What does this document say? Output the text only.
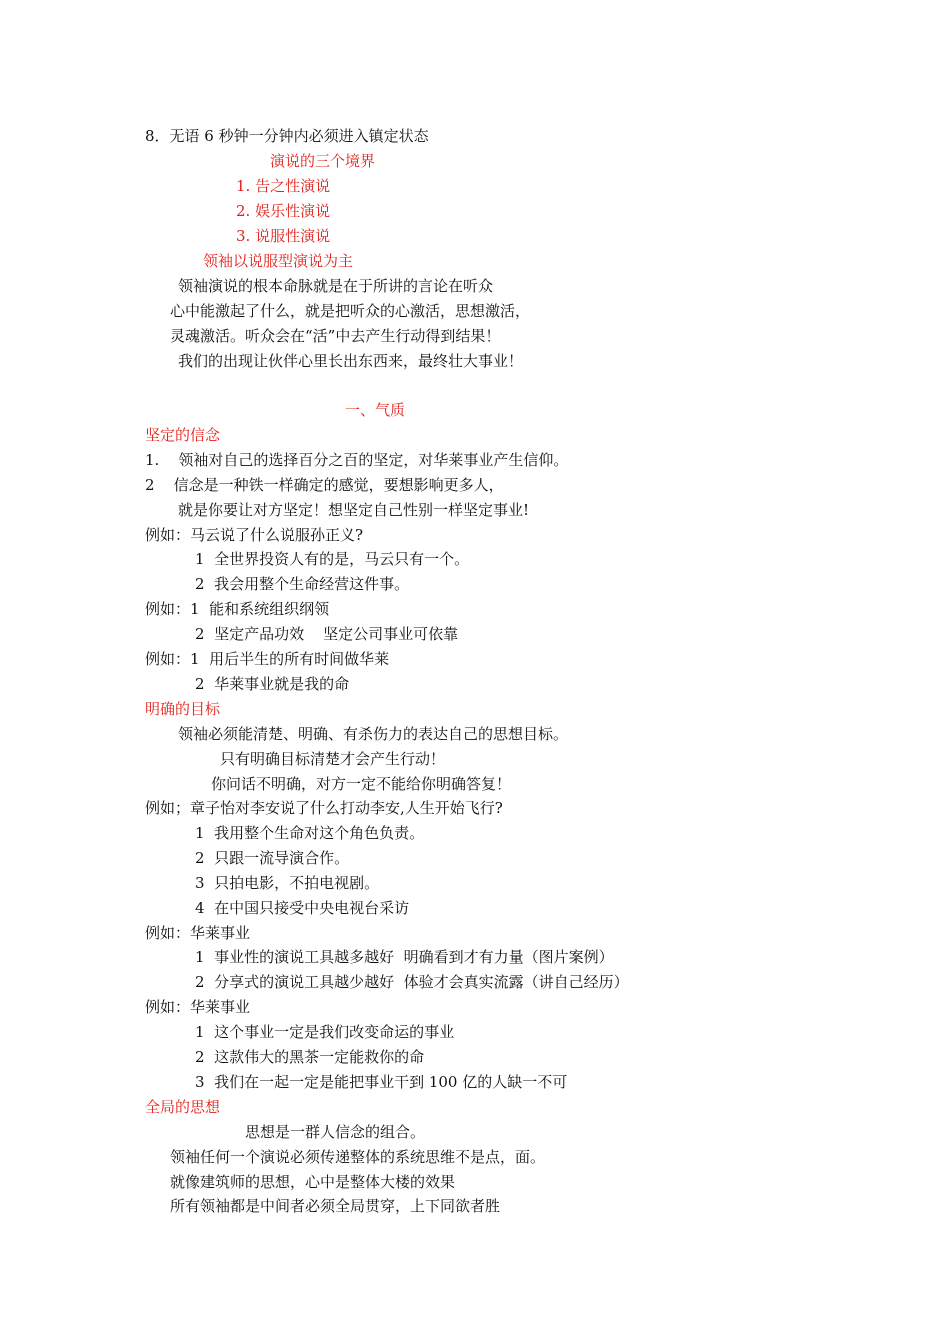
8．无语 6 秒钟一分钟内必须进入镇定状态
演说的三个境界
1. 告之性演说
2. 娱乐性演说
3. 说服性演说
领袖以说服型演说为主
领袖演说的根本命脉就是在于所讲的言论在听众
心中能激起了什么，就是把听众的心激活，思想激活，
灵魂激活。听众会在“活”中去产生行动得到结果！
我们的出现让伙伴心里长出东西来，最终壮大事业！
一、气质
坚定的信念
1.    领袖对自己的选择百分之百的坚定，对华莱事业产生信仰。
2    信念是一种铁一样确定的感觉，要想影响更多人，
就是你要让对方坚定！想坚定自己性别一样坚定事业!
例如：马云说了什么说服孙正义?
1  全世界投资人有的是，马云只有一个。
2  我会用整个生命经营这件事。
例如：1  能和系统组织纲领
2  坚定产品功效    坚定公司事业可依靠
例如：1  用后半生的所有时间做华莱
2  华莱事业就是我的命
明确的目标
领袖必须能清楚、明确、有杀伤力的表达自己的思想目标。
只有明确目标清楚才会产生行动！
你问话不明确，对方一定不能给你明确答复！
例如；章子怡对李安说了什么打动李安,人生开始飞行?
1  我用整个生命对这个角色负责。
2  只跟一流导演合作。
3  只拍电影，不拍电视剧。
4  在中国只接受中央电视台采访
例如：华莱事业
1  事业性的演说工具越多越好  明确看到才有力量（图片案例）
2  分享式的演说工具越少越好  体验才会真实流露（讲自己经历）
例如：华莱事业
1  这个事业一定是我们改变命运的事业
2  这款伟大的黑茶一定能救你的命
3  我们在一起一定是能把事业干到 100 亿的人缺一不可
全局的思想
思想是一群人信念的组合。
领袖任何一个演说必须传递整体的系统思维不是点，面。
就像建筑师的思想，心中是整体大楼的效果
所有领袖都是中间者必须全局贯穿，上下同欲者胜
